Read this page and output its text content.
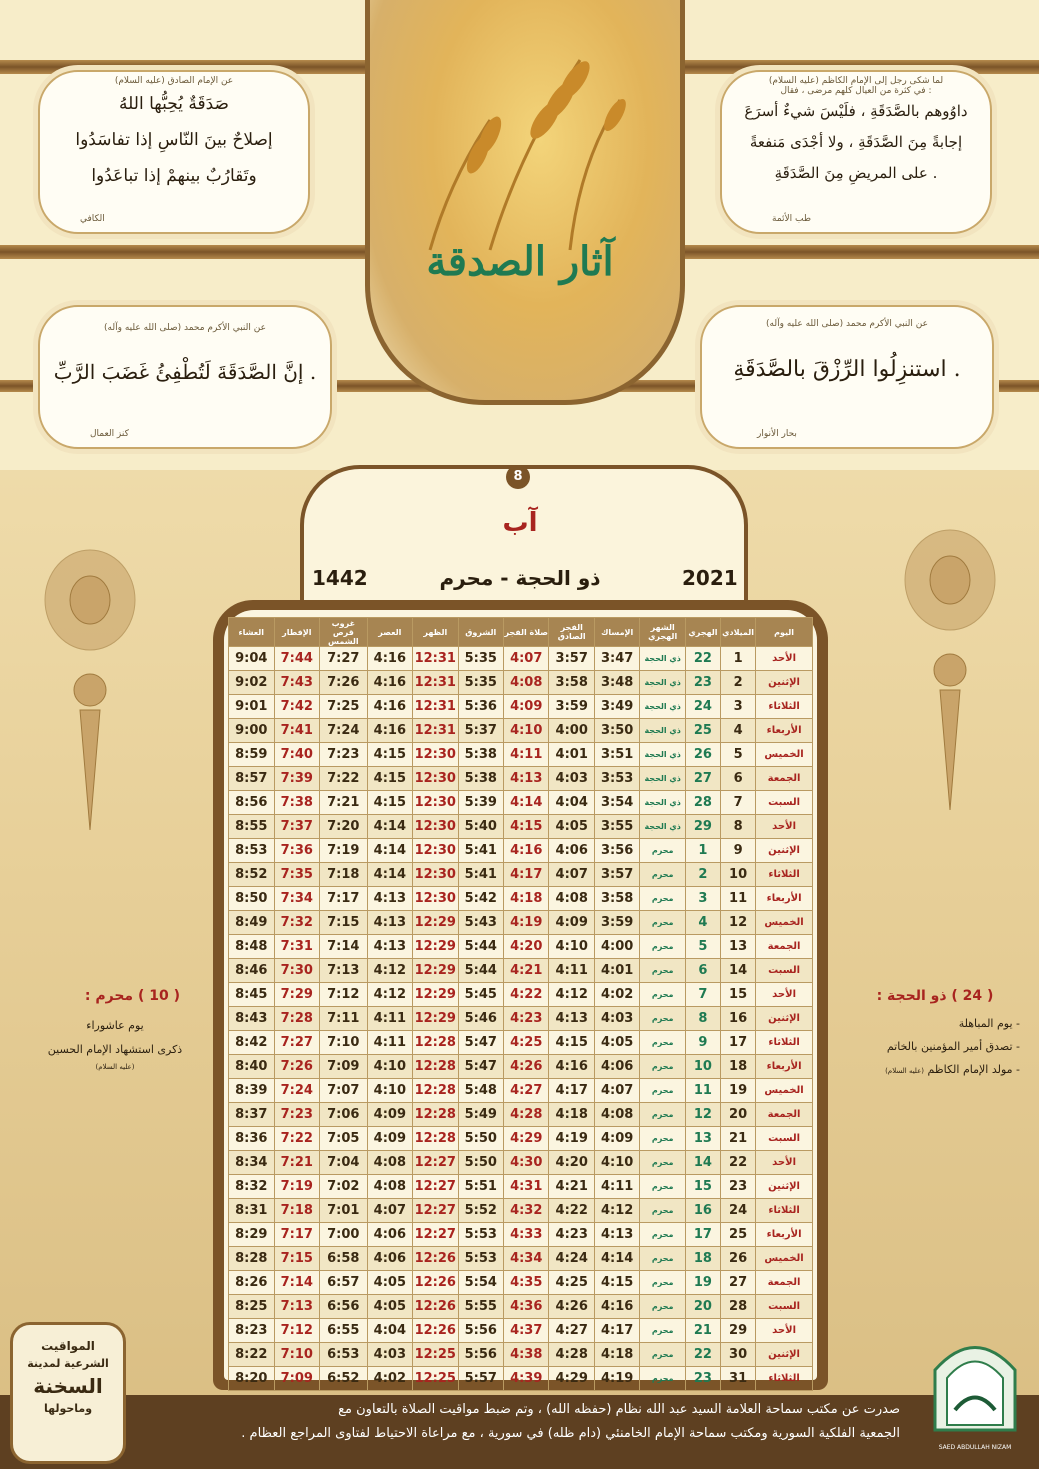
عن الإمام الصادق (عليه السلام)
صَدَقَةٌ يُحِبُّها اللهُ
إصلاحٌ بينَ النّاسِ إذا تفاسَدُوا
وتَقارُبٌ بينهمْ إذا تباعَدُوا
الكافي
لما شكى رجل إلى الإمام الكاظم (عليه السلام)
في كثرة من العيال كلهم مرضى ، فقال :
داوُوهم بالصَّدَقَةِ ، فلَيْسَ شيءٌ أسرَعَ
إجابةً مِنَ الصَّدَقَةِ ، ولا أجْدَى مَنفعةً
على المريضِ مِنَ الصَّدَقَةِ .
طب الأئمة
عن النبي الأكرم محمد (صلى الله عليه وآله)
إنَّ الصَّدَقَةَ لَتُطْفِئُ غَضَبَ الرَّبِّ .
كنز العمال
عن النبي الأكرم محمد (صلى الله عليه وآله)
استنزِلُوا الرِّزْقَ بالصَّدَقَةِ .
بحار الأنوار
آثار الصدقة
8
آب
ذو الحجة - محرم	2021
1442
اليوم	الميلادي	الهجري	الشهر الهجري	الإمساك	الفجر الصادق	صلاة الفجر	الشروق	الظهر	العصر	غروب قرص الشمس	الإفطار	العشاء
الأحد	1	22	ذي الحجة	3:47	3:57	4:07	5:35	12:31	4:16	7:27	7:44	9:04
الإثنين	2	23	ذي الحجة	3:48	3:58	4:08	5:35	12:31	4:16	7:26	7:43	9:02
الثلاثاء	3	24	ذي الحجة	3:49	3:59	4:09	5:36	12:31	4:16	7:25	7:42	9:01
الأربعاء	4	25	ذي الحجة	3:50	4:00	4:10	5:37	12:31	4:16	7:24	7:41	9:00
الخميس	5	26	ذي الحجة	3:51	4:01	4:11	5:38	12:30	4:15	7:23	7:40	8:59
الجمعة	6	27	ذي الحجة	3:53	4:03	4:13	5:38	12:30	4:15	7:22	7:39	8:57
السبت	7	28	ذي الحجة	3:54	4:04	4:14	5:39	12:30	4:15	7:21	7:38	8:56
الأحد	8	29	ذي الحجة	3:55	4:05	4:15	5:40	12:30	4:14	7:20	7:37	8:55
الإثنين	9	1	محرم	3:56	4:06	4:16	5:41	12:30	4:14	7:19	7:36	8:53
الثلاثاء	10	2	محرم	3:57	4:07	4:17	5:41	12:30	4:14	7:18	7:35	8:52
الأربعاء	11	3	محرم	3:58	4:08	4:18	5:42	12:30	4:13	7:17	7:34	8:50
الخميس	12	4	محرم	3:59	4:09	4:19	5:43	12:29	4:13	7:15	7:32	8:49
الجمعة	13	5	محرم	4:00	4:10	4:20	5:44	12:29	4:13	7:14	7:31	8:48
السبت	14	6	محرم	4:01	4:11	4:21	5:44	12:29	4:12	7:13	7:30	8:46
الأحد	15	7	محرم	4:02	4:12	4:22	5:45	12:29	4:12	7:12	7:29	8:45
الإثنين	16	8	محرم	4:03	4:13	4:23	5:46	12:29	4:11	7:11	7:28	8:43
الثلاثاء	17	9	محرم	4:05	4:15	4:25	5:47	12:28	4:11	7:10	7:27	8:42
الأربعاء	18	10	محرم	4:06	4:16	4:26	5:47	12:28	4:10	7:09	7:26	8:40
الخميس	19	11	محرم	4:07	4:17	4:27	5:48	12:28	4:10	7:07	7:24	8:39
الجمعة	20	12	محرم	4:08	4:18	4:28	5:49	12:28	4:09	7:06	7:23	8:37
السبت	21	13	محرم	4:09	4:19	4:29	5:50	12:28	4:09	7:05	7:22	8:36
الأحد	22	14	محرم	4:10	4:20	4:30	5:50	12:27	4:08	7:04	7:21	8:34
الإثنين	23	15	محرم	4:11	4:21	4:31	5:51	12:27	4:08	7:02	7:19	8:32
الثلاثاء	24	16	محرم	4:12	4:22	4:32	5:52	12:27	4:07	7:01	7:18	8:31
الأربعاء	25	17	محرم	4:13	4:23	4:33	5:53	12:27	4:06	7:00	7:17	8:29
الخميس	26	18	محرم	4:14	4:24	4:34	5:53	12:26	4:06	6:58	7:15	8:28
الجمعة	27	19	محرم	4:15	4:25	4:35	5:54	12:26	4:05	6:57	7:14	8:26
السبت	28	20	محرم	4:16	4:26	4:36	5:55	12:26	4:05	6:56	7:13	8:25
الأحد	29	21	محرم	4:17	4:27	4:37	5:56	12:26	4:04	6:55	7:12	8:23
الإثنين	30	22	محرم	4:18	4:28	4:38	5:56	12:25	4:03	6:53	7:10	8:22
الثلاثاء	31	23	محرم	4:19	4:29	4:39	5:57	12:25	4:02	6:52	7:09	8:20
( 24 ) ذو الحجة :
- يوم المباهلة
- تصدق أمير المؤمنين بالخاتم
- مولد الإمام الكاظم (عليه السلام)
( 10 ) محرم :
يوم عاشوراء
ذكرى استشهاد الإمام الحسين
(عليه السلام)
صدرت عن مكتب سماحة العلامة السيد عبد الله نظام (حفظه الله) ، وتم ضبط مواقيت الصلاة بالتعاون مع
الجمعية الفلكية السورية ومكتب سماحة الإمام الخامنئي (دام ظله) في سورية ، مع مراعاة الاحتياط لفتاوى المراجع العظام .
المواقيت
الشرعية لمدينة
السخنة
وماحولها
SAED ABDULLAH NIZAM
